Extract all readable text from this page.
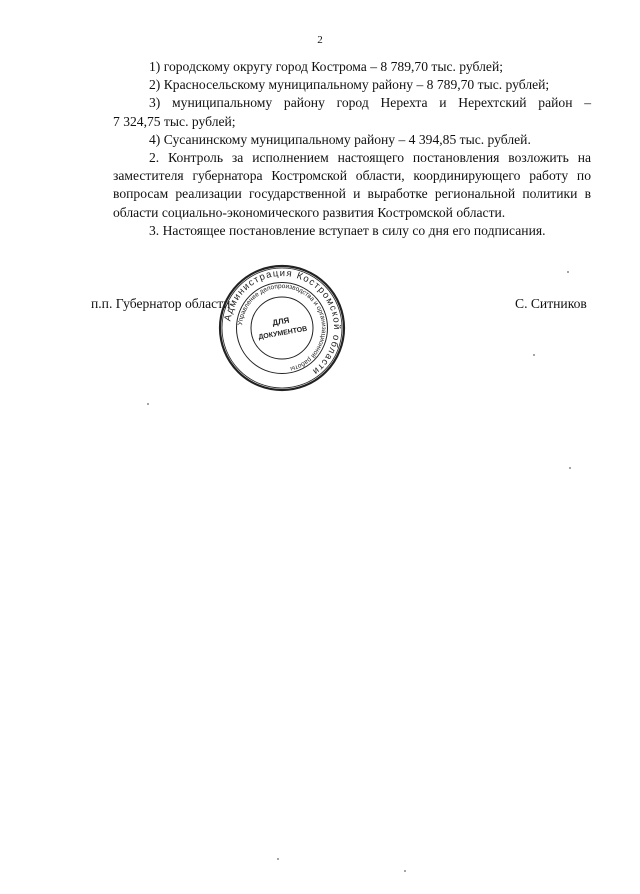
2

1) городскому округу город Кострома – 8 789,70 тыс. рублей;

2) Красносельскому муниципальному району – 8 789,70 тыс. рублей;

3) муниципальному району город Нерехта и Нерехтский район –

7 324,75 тыс. рублей;

4) Сусанинскому муниципальному району – 4 394,85 тыс. рублей.

2. Контроль за исполнением настоящего постановления возложить на заместителя губернатора Костромской области, координирующего работу по вопросам реализации государственной и выработке региональной политики в области социально-экономического развития Костромской области.

3. Настоящее постановление вступает в силу со дня его подписания.

п.п. Губернатор области	С. Ситников
Администрация Костромской области
Управление делопроизводства и организационной работы
ДЛЯ
ДОКУМЕНТОВ
